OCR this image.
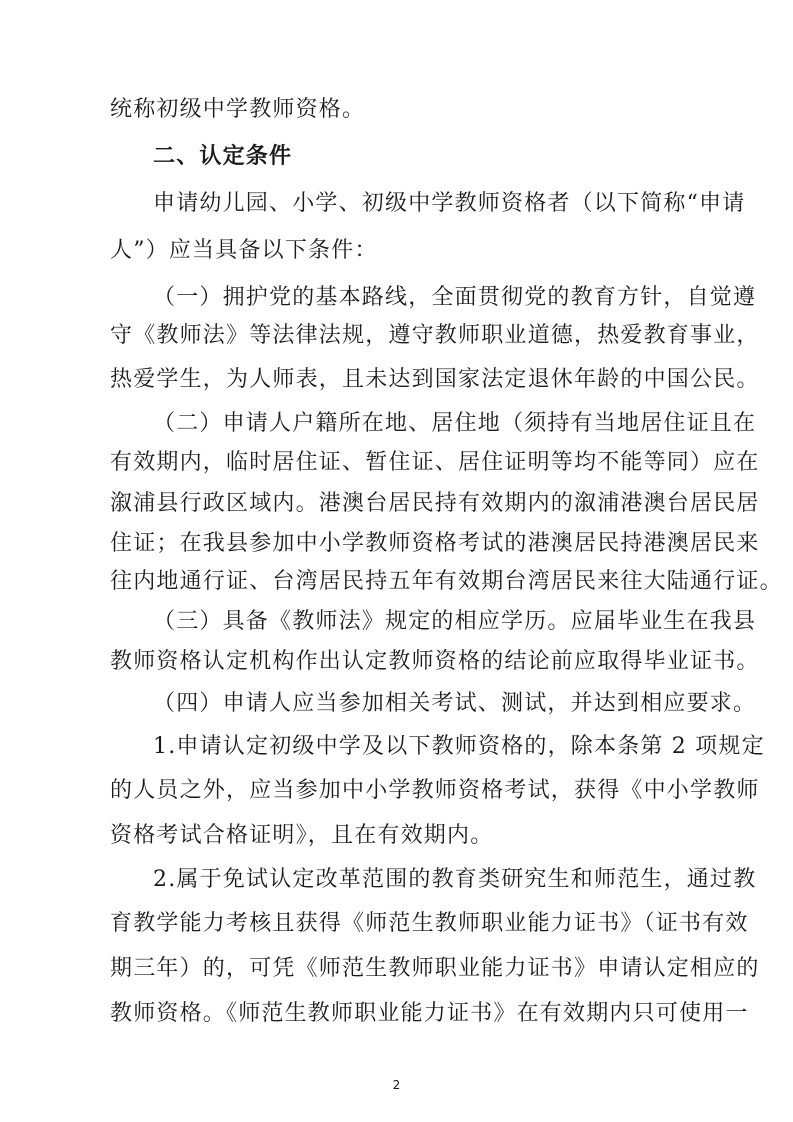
统称初级中学教师资格。
二、认定条件
申请幼儿园、小学、初级中学教师资格者（以下简称“申请
人”）应当具备以下条件：
（一）拥护党的基本路线，全面贯彻党的教育方针，自觉遵
守《教师法》等法律法规，遵守教师职业道德，热爱教育事业，
热爱学生，为人师表，且未达到国家法定退休年龄的中国公民。
（二）申请人户籍所在地、居住地（须持有当地居住证且在
有效期内，临时居住证、暂住证、居住证明等均不能等同）应在
溆浦县行政区域内。港澳台居民持有效期内的溆浦港澳台居民居
住证；在我县参加中小学教师资格考试的港澳居民持港澳居民来
往内地通行证、台湾居民持五年有效期台湾居民来往大陆通行证。
（三）具备《教师法》规定的相应学历。应届毕业生在我县
教师资格认定机构作出认定教师资格的结论前应取得毕业证书。
（四）申请人应当参加相关考试、测试，并达到相应要求。
1.申请认定初级中学及以下教师资格的，除本条第 2 项规定
的人员之外，应当参加中小学教师资格考试，获得《中小学教师
资格考试合格证明》，且在有效期内。
2.属于免试认定改革范围的教育类研究生和师范生，通过教
育教学能力考核且获得《师范生教师职业能力证书》（证书有效
期三年）的，可凭《师范生教师职业能力证书》申请认定相应的
教师资格。《师范生教师职业能力证书》在有效期内只可使用一
2
